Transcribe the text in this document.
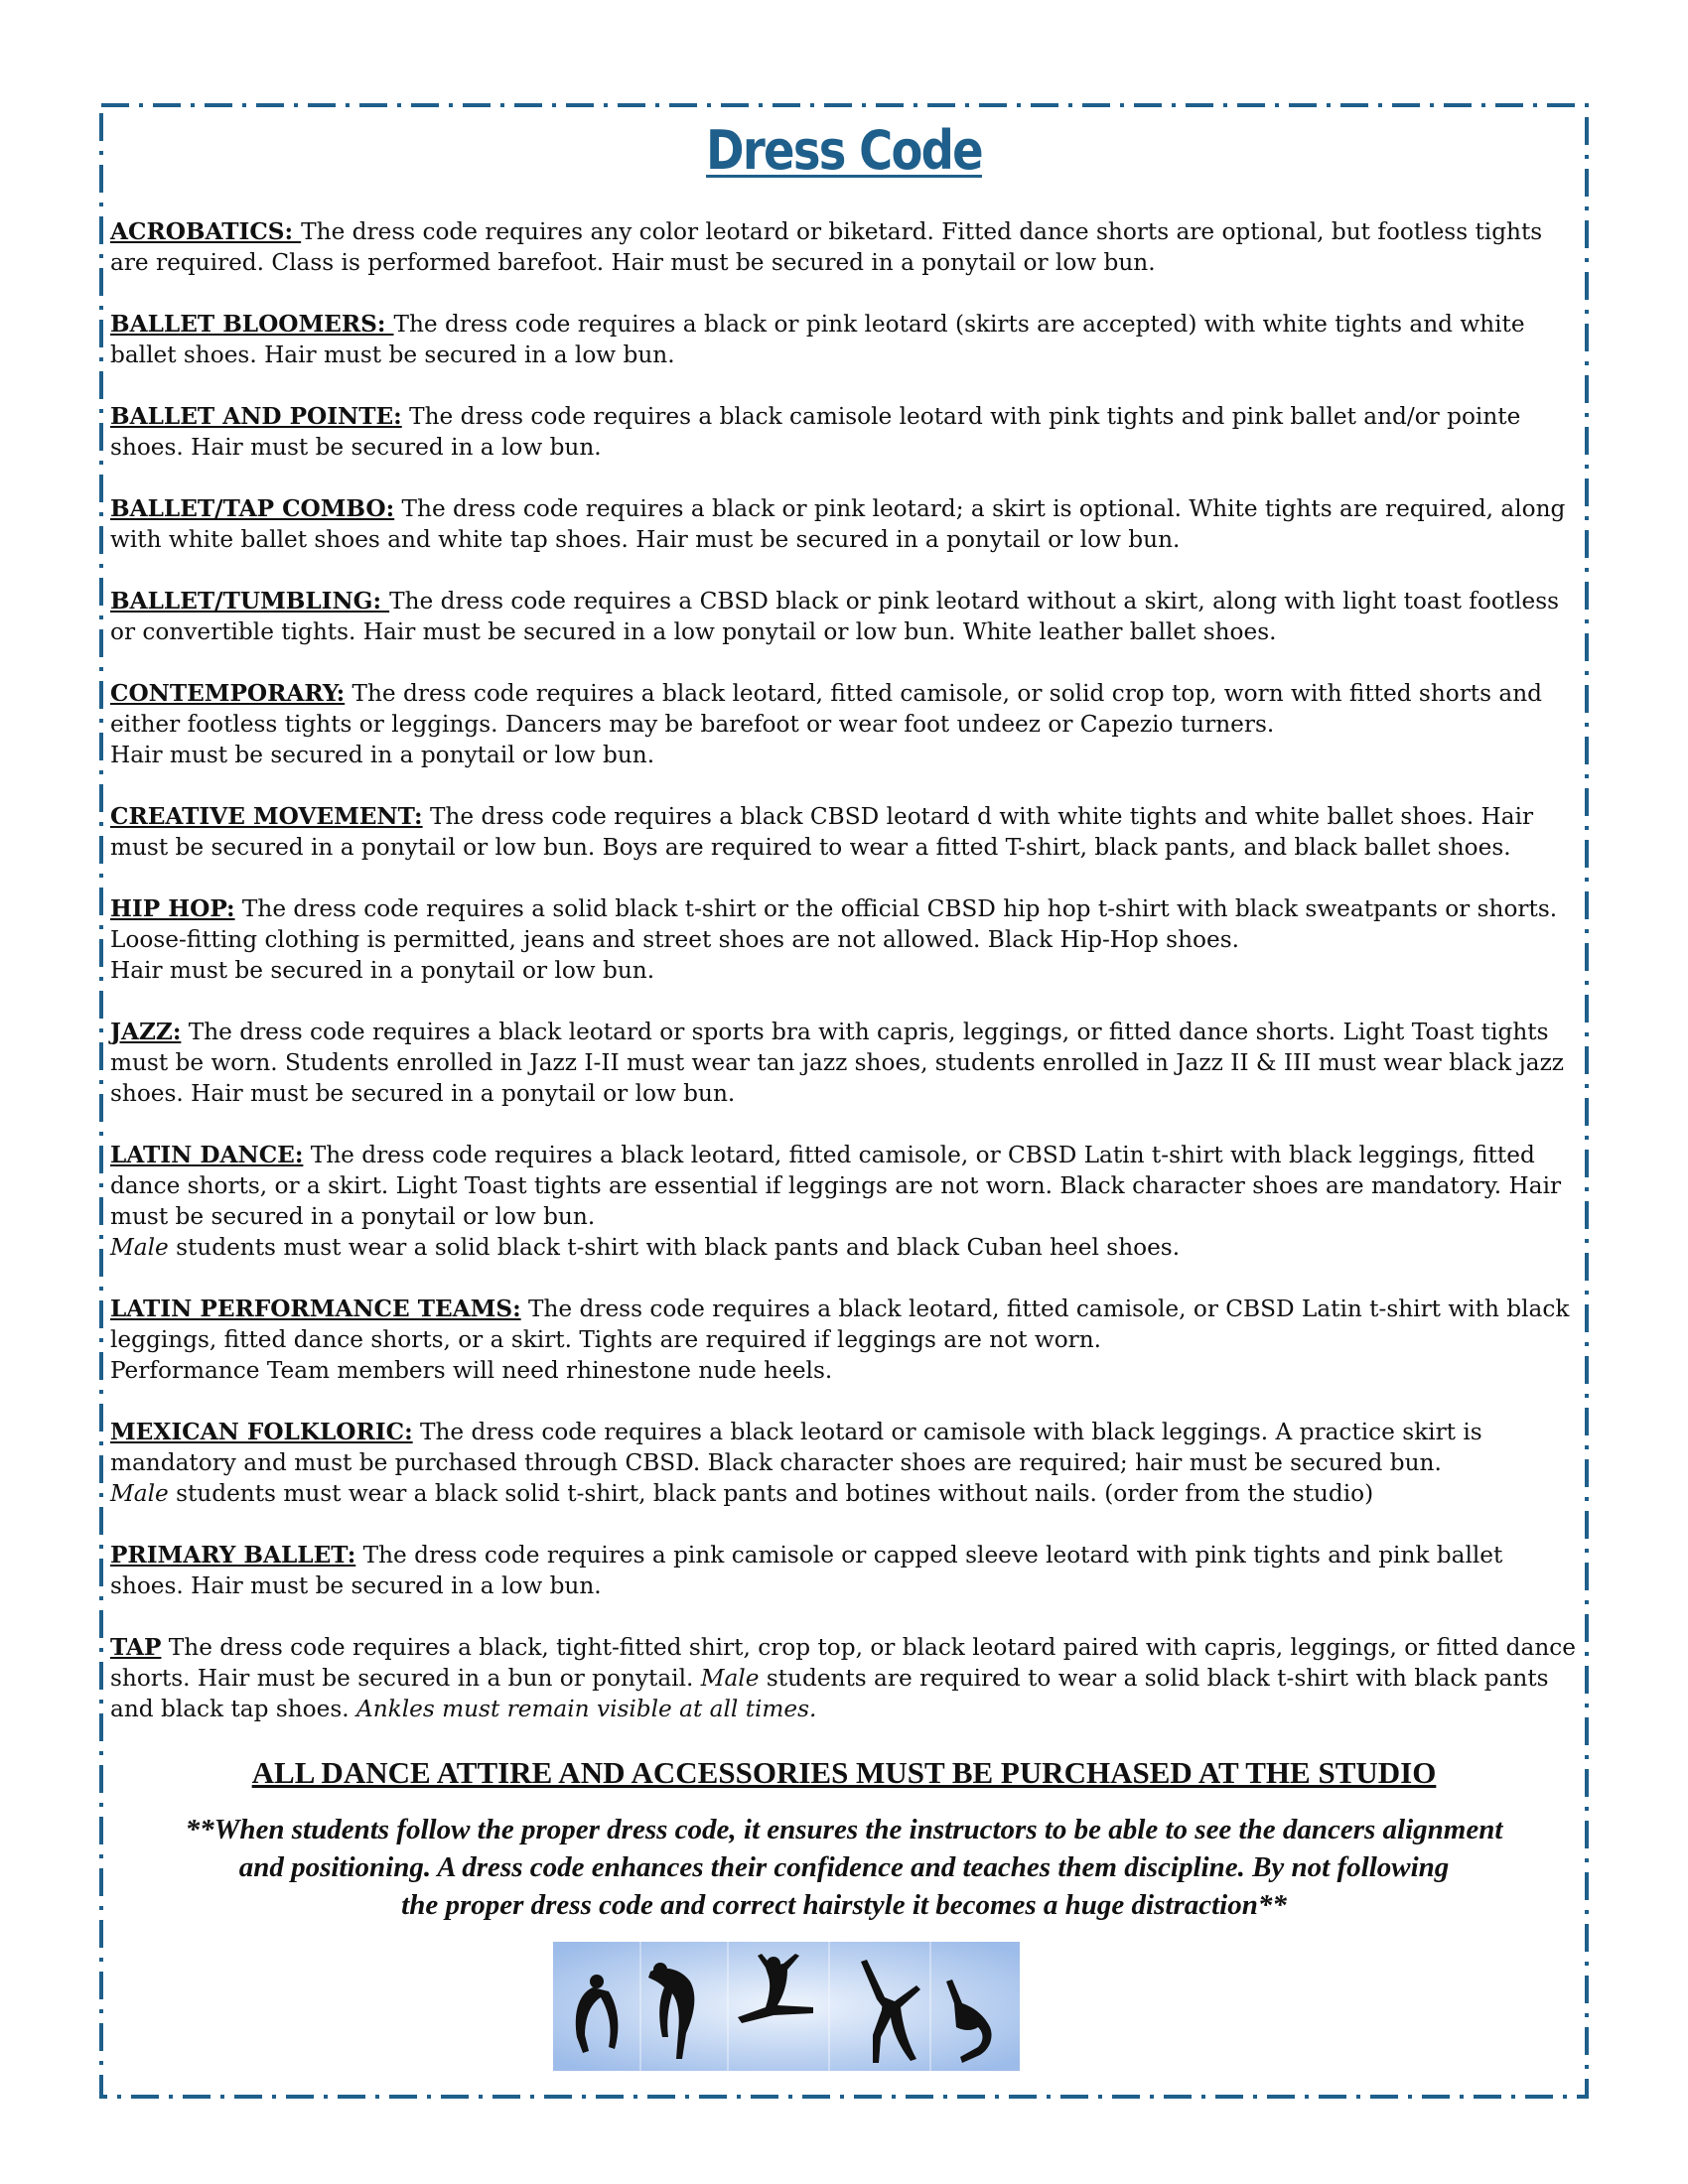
Dress Code

ACROBATICS: The dress code requires any color leotard or biketard. Fitted dance shorts are optional, but footless tights are required. Class is performed barefoot. Hair must be secured in a ponytail or low bun.

BALLET BLOOMERS: The dress code requires a black or pink leotard (skirts are accepted) with white tights and white ballet shoes. Hair must be secured in a low bun.

BALLET AND POINTE: The dress code requires a black camisole leotard with pink tights and pink ballet and/or pointe shoes. Hair must be secured in a low bun.

BALLET/TAP COMBO: The dress code requires a black or pink leotard; a skirt is optional. White tights are required, along with white ballet shoes and white tap shoes. Hair must be secured in a ponytail or low bun.

BALLET/TUMBLING: The dress code requires a CBSD black or pink leotard without a skirt, along with light toast footless or convertible tights. Hair must be secured in a low ponytail or low bun. White leather ballet shoes.

CONTEMPORARY: The dress code requires a black leotard, fitted camisole, or solid crop top, worn with fitted shorts and either footless tights or leggings. Dancers may be barefoot or wear foot undeez or Capezio turners.
Hair must be secured in a ponytail or low bun.

CREATIVE MOVEMENT: The dress code requires a black CBSD leotard d with white tights and white ballet shoes. Hair must be secured in a ponytail or low bun. Boys are required to wear a fitted T-shirt, black pants, and black ballet shoes.

HIP HOP: The dress code requires a solid black t-shirt or the official CBSD hip hop t-shirt with black sweatpants or shorts.
Loose-fitting clothing is permitted, jeans and street shoes are not allowed. Black Hip-Hop shoes.
Hair must be secured in a ponytail or low bun.

JAZZ: The dress code requires a black leotard or sports bra with capris, leggings, or fitted dance shorts. Light Toast tights must be worn. Students enrolled in Jazz I-II must wear tan jazz shoes, students enrolled in Jazz II & III must wear black jazz shoes. Hair must be secured in a ponytail or low bun.

LATIN DANCE: The dress code requires a black leotard, fitted camisole, or CBSD Latin t-shirt with black leggings, fitted dance shorts, or a skirt. Light Toast tights are essential if leggings are not worn. Black character shoes are mandatory. Hair must be secured in a ponytail or low bun.
Male students must wear a solid black t-shirt with black pants and black Cuban heel shoes.

LATIN PERFORMANCE TEAMS: The dress code requires a black leotard, fitted camisole, or CBSD Latin t-shirt with black leggings, fitted dance shorts, or a skirt. Tights are required if leggings are not worn.
Performance Team members will need rhinestone nude heels.

MEXICAN FOLKLORIC: The dress code requires a black leotard or camisole with black leggings. A practice skirt is mandatory and must be purchased through CBSD. Black character shoes are required; hair must be secured bun.
Male students must wear a black solid t-shirt, black pants and botines without nails. (order from the studio)

PRIMARY BALLET: The dress code requires a pink camisole or capped sleeve leotard with pink tights and pink ballet shoes. Hair must be secured in a low bun.

TAP The dress code requires a black, tight-fitted shirt, crop top, or black leotard paired with capris, leggings, or fitted dance shorts. Hair must be secured in a bun or ponytail. Male students are required to wear a solid black t-shirt with black pants and black tap shoes. Ankles must remain visible at all times.

ALL DANCE ATTIRE AND ACCESSORIES MUST BE PURCHASED AT THE STUDIO

**When students follow the proper dress code, it ensures the instructors to be able to see the dancers alignment
and positioning. A dress code enhances their confidence and teaches them discipline. By not following
the proper dress code and correct hairstyle it becomes a huge distraction**
